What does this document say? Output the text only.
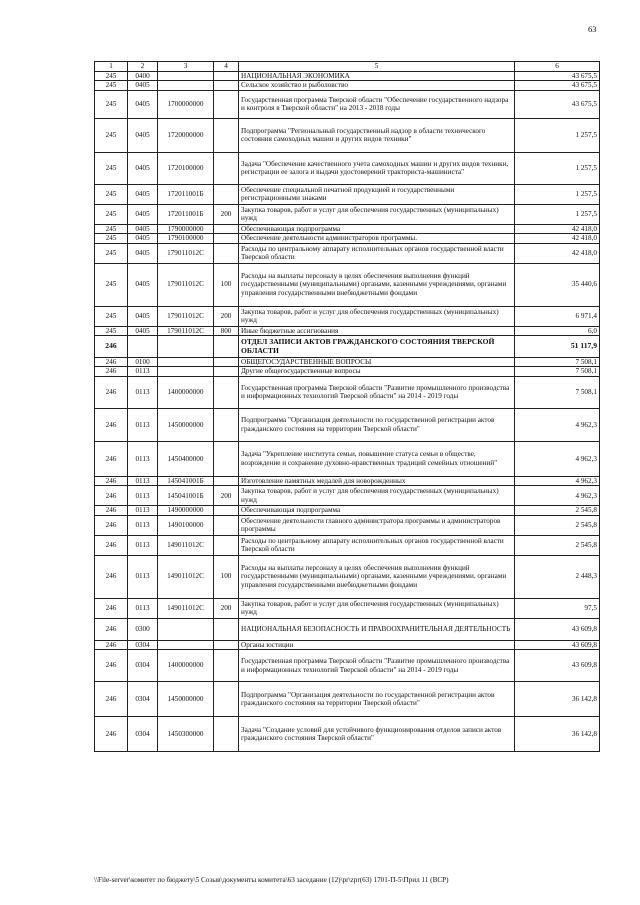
63
1	2	3	4	5	6
245	0400			НАЦИОНАЛЬНАЯ ЭКОНОМИКА	43 675,5
245	0405			Сельское хозяйство и рыболовство	43 675,5
245	0405	1700000000		Государственная программа Тверской области "Обеспечение государственного надзора и контроля в Тверской области" на 2013 - 2018 годы	43 675,5
245	0405	1720000000		Подпрограмма "Региональный государственный надзор в области технического состояния самоходных машин и других видов техники"	1 257,5
245	0405	1720100000		Задача "Обеспечение качественного учета самоходных машин и других видов техники, регистрации ее залога и выдачи удостоверений тракториста-машиниста"	1 257,5
245	0405	172011001Б		Обеспечение специальной печатной продукцией и государственными регистрационными знаками	1 257,5
245	0405	172011001Б	200	Закупка товаров, работ и услуг для обеспечения государственных (муниципальных) нужд	1 257,5
245	0405	1790000000		Обеспечивающая подпрограмма	42 418,0
245	0405	1790100000		Обеспечение деятельности администраторов программы.	42 418,0
245	0405	179011012С		Расходы по центральному аппарату исполнительных органов государственной власти Тверской области	42 418,0
245	0405	179011012С	100	Расходы на выплаты персоналу в целях обеспечения выполнения функций государственными (муниципальными) органами, казенными учреждениями, органами управления государственными внебюджетными фондами	35 440,6
245	0405	179011012С	200	Закупка товаров, работ и услуг для обеспечения государственных (муниципальных) нужд	6 971,4
245	0405	179011012С	800	Иные бюджетные ассигнования	6,0
246				ОТДЕЛ ЗАПИСИ АКТОВ ГРАЖДАНСКОГО СОСТОЯНИЯ ТВЕРСКОЙ ОБЛАСТИ	51 117,9
246	0100			ОБЩЕГОСУДАРСТВЕННЫЕ ВОПРОСЫ	7 508,1
246	0113			Другие общегосударственные вопросы	7 508,1
246	0113	1400000000		Государственная программа Тверской области "Развитие промышленного производства и информационных технологий Тверской области" на 2014 - 2019 годы	7 508,1
246	0113	1450000000		Подпрограмма "Организация деятельности по государственной регистрации актов гражданского состояния на территории Тверской области"	4 962,3
246	0113	1450400000		Задача "Укрепление института семьи, повышение статуса семьи в обществе, возрождение и сохранение духовно-нравственных традиций семейных отношений"	4 962,3
246	0113	145041001Б		Изготовление памятных медалей для новорожденных	4 962,3
246	0113	145041001Б	200	Закупка товаров, работ и услуг для обеспечения государственных (муниципальных) нужд	4 962,3
246	0113	1490000000		Обеспечивающая подпрограмма	2 545,8
246	0113	1490100000		Обеспечение деятельности главного администратора программы и администраторов программы	2 545,8
246	0113	149011012С		Расходы по центральному аппарату исполнительных органов государственной власти Тверской области	2 545,8
246	0113	149011012С	100	Расходы на выплаты персоналу в целях обеспечения выполнения функций государственными (муниципальными) органами, казенными учреждениями, органами управления государственными внебюджетными фондами	2 448,3
246	0113	149011012С	200	Закупка товаров, работ и услуг для обеспечения государственных (муниципальных) нужд	97,5
246	0300			НАЦИОНАЛЬНАЯ БЕЗОПАСНОСТЬ И ПРАВООХРАНИТЕЛЬНАЯ ДЕЯТЕЛЬНОСТЬ	43 609,8
246	0304			Органы юстиции	43 609,8
246	0304	1400000000		Государственная программа Тверской области "Развитие промышленного производства и информационных технологий Тверской области" на 2014 - 2019 годы	43 609,8
246	0304	1450000000		Подпрограмма "Организация деятельности по государственной регистрации актов гражданского состояния на территории Тверской области"	36 142,8
246	0304	1450300000		Задача "Создание условий для устойчивого функционирования отделов записи актов гражданского состояния Тверской области"	36 142,8
\\File-server\комитет по бюджету\5 Созыв\документы комитета\63 заседание (12)\pr\zpr(63) 1701-П-5\Прил 11 (ВСР)
